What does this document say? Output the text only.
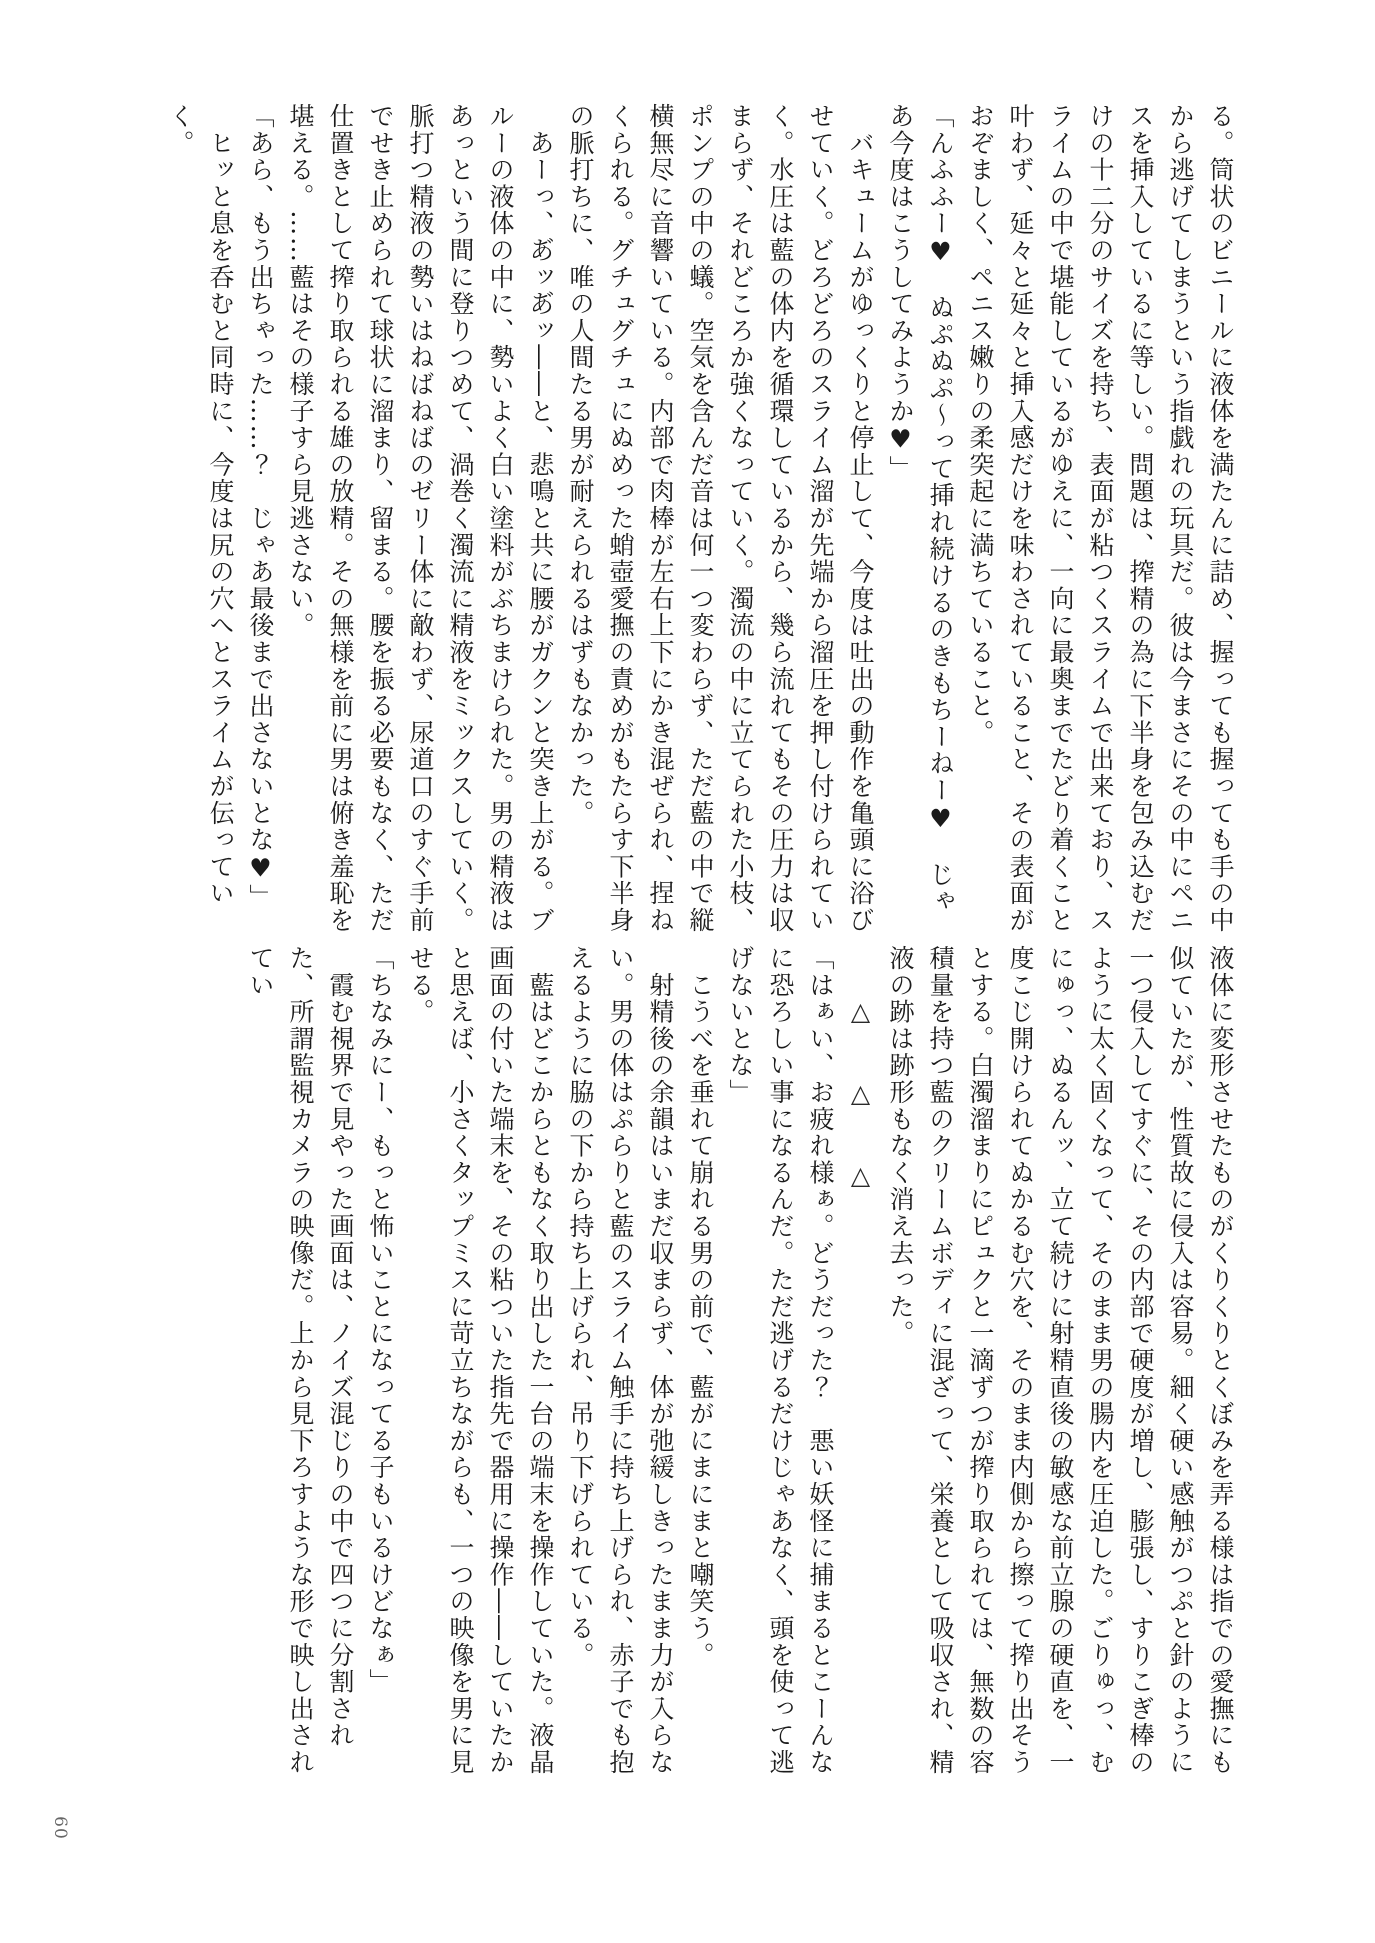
る。筒状のビニールに液体を満たんに詰め、握っても握っても手の中から逃げてしまうという指戯れの玩具だ。彼は今まさにその中にペニスを挿入しているに等しい。問題は、搾精の為に下半身を包み込むだけの十二分のサイズを持ち、表面が粘つくスライムで出来ており、スライムの中で堪能しているがゆえに、一向に最奥までたどり着くこと叶わず、延々と延々と挿入感だけを味わされていること、その表面がおぞましく、ペニス嫩りの柔突起に満ちていること。

「んふふー♥　ぬぷぬぷ〜って挿れ続けるのきもちーねー♥　じゃあ今度はこうしてみようか♥」

　バキュームがゆっくりと停止して、今度は吐出の動作を亀頭に浴びせていく。どろどろのスライム溜が先端から溜圧を押し付けられていく。水圧は藍の体内を循環しているから、幾ら流れてもその圧力は収まらず、それどころか強くなっていく。濁流の中に立てられた小枝、ポンプの中の蟻。空気を含んだ音は何一つ変わらず、ただ藍の中で縦横無尽に音響いている。内部で肉棒が左右上下にかき混ぜられ、捏ねくられる。グチュグチュにぬめった蛸壺愛撫の責めがもたらす下半身の脈打ちに、唯の人間たる男が耐えられるはずもなかった。

　あーっ、あ゙ッあ゙ッ――と、悲鳴と共に腰がガクンと突き上がる。ブルーの液体の中に、勢いよく白い塗料がぶちまけられた。男の精液はあっという間に登りつめて、渦巻く濁流に精液をミックスしていく。脈打つ精液の勢いはねばねばのゼリー体に敵わず、尿道口のすぐ手前でせき止められて球状に溜まり、留まる。腰を振る必要もなく、ただ仕置きとして搾り取られる雄の放精。その無様を前に男は俯き羞恥を堪える。……藍はその様子すら見逃さない。

「あら、もう出ちゃった……？　じゃあ最後まで出さないとな♥」

　ヒッと息を呑むと同時に、今度は尻の穴へとスライムが伝っていく。

液体に変形させたものがくりくりとくぼみを弄る様は指での愛撫にも似ていたが、性質故に侵入は容易。細く硬い感触がつぷと針のように一つ侵入してすぐに、その内部で硬度が増し、膨張し、すりこぎ棒のように太く固くなって、そのまま男の腸内を圧迫した。ごりゅっ、むにゅっ、ぬるんッ、立て続けに射精直後の敏感な前立腺の硬直を、一度こじ開けられてぬかるむ穴を、そのまま内側から擦って搾り出そうとする。白濁溜まりにピュクと一滴ずつが搾り取られては、無数の容積量を持つ藍のクリームボディに混ざって、栄養として吸収され、精液の跡は跡形もなく消え去った。

△　△　△

「はぁい、お疲れ様ぁ。どうだった？　悪い妖怪に捕まるとこーんなに恐ろしい事になるんだ。ただ逃げるだけじゃあなく、頭を使って逃げないとな」

　こうべを垂れて崩れる男の前で、藍がにまにまと嘲笑う。

　射精後の余韻はいまだ収まらず、体が弛緩しきったまま力が入らない。男の体はぷらりと藍のスライム触手に持ち上げられ、赤子でも抱えるように脇の下から持ち上げられ、吊り下げられている。

　藍はどこからともなく取り出した一台の端末を操作していた。液晶画面の付いた端末を、その粘ついた指先で器用に操作――していたかと思えば、小さくタップミスに苛立ちながらも、一つの映像を男に見せる。

「ちなみにー、もっと怖いことになってる子もいるけどなぁ」

　霞む視界で見やった画面は、ノイズ混じりの中で四つに分割された、所謂監視カメラの映像だ。上から見下ろすような形で映し出されてい

60
